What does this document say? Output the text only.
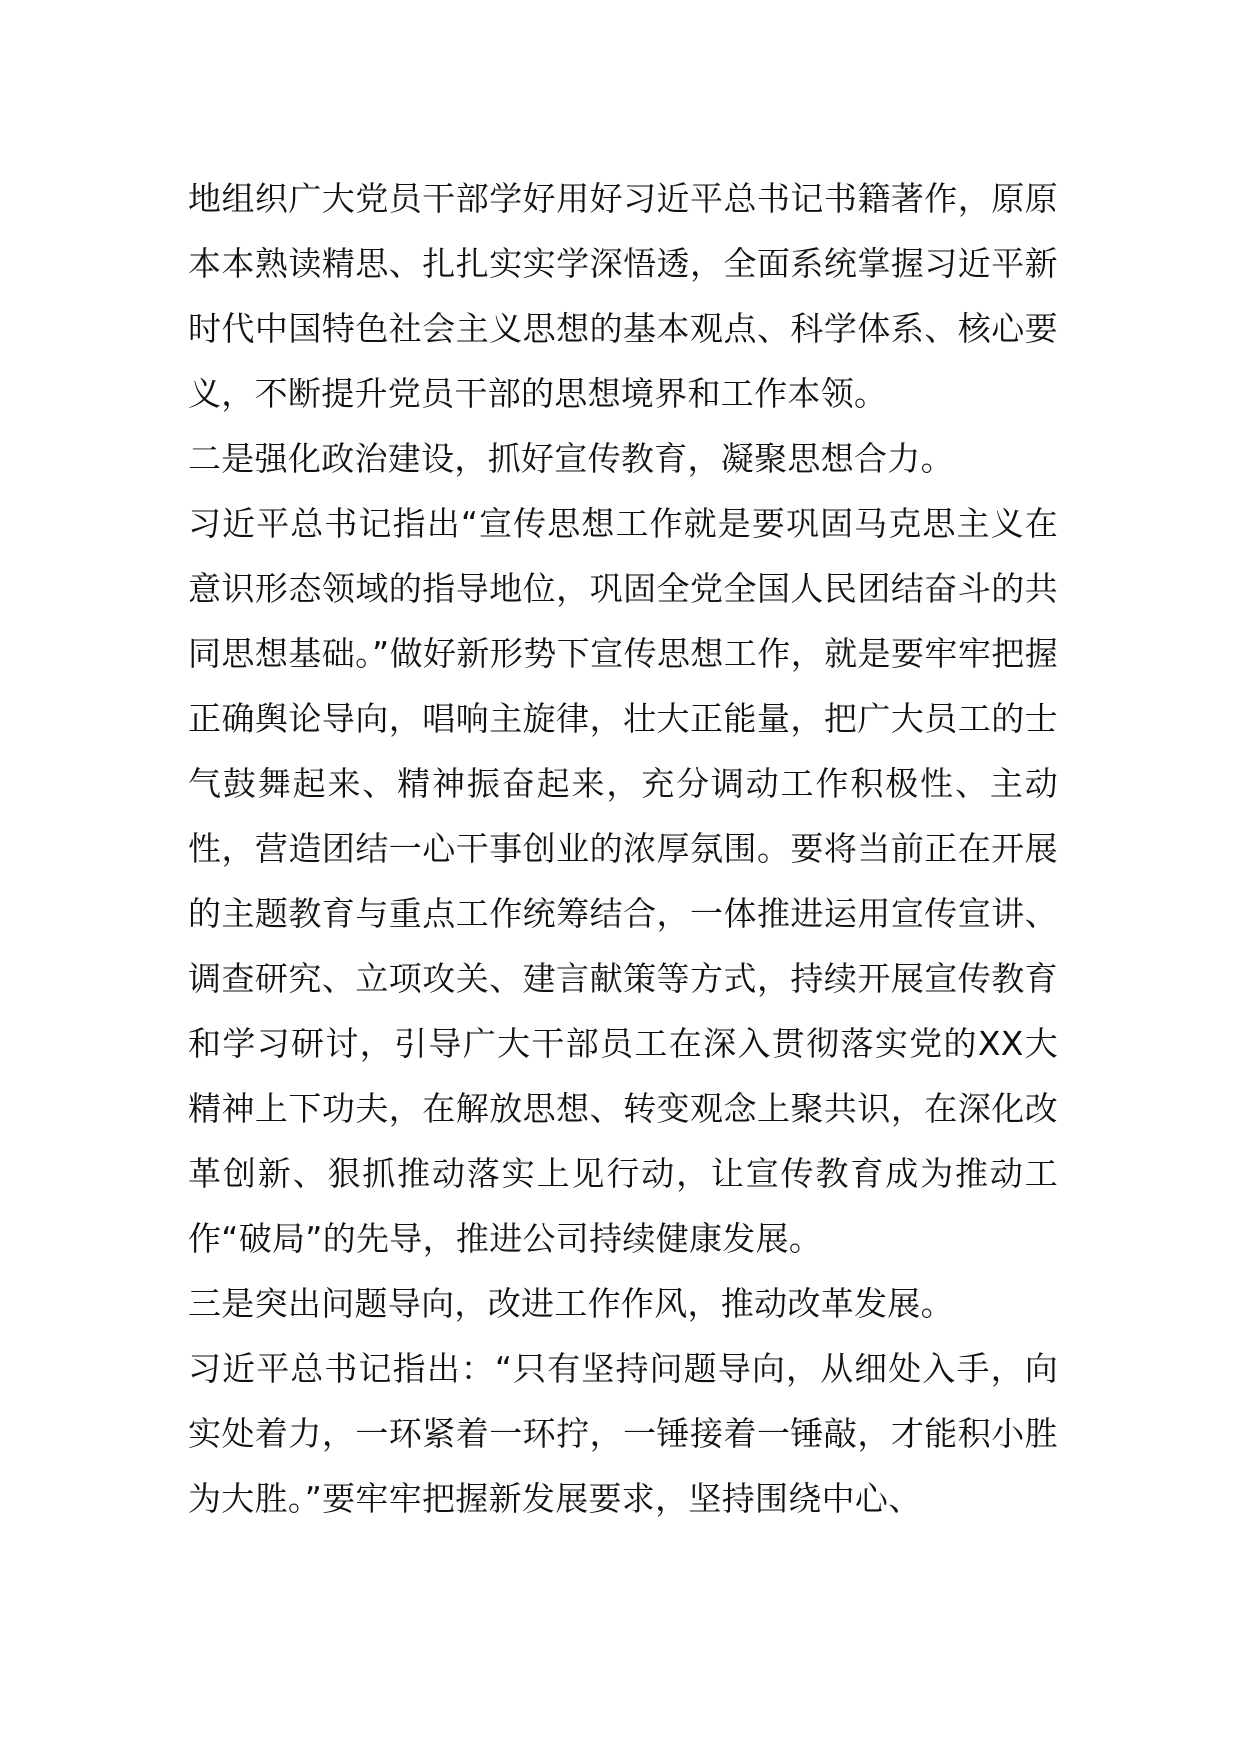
地组织广大党员干部学好用好习近平总书记书籍著作，原原本本熟读精思、扎扎实实学深悟透，全面系统掌握习近平新时代中国特色社会主义思想的基本观点、科学体系、核心要义，不断提升党员干部的思想境界和工作本领。

二是强化政治建设，抓好宣传教育，凝聚思想合力。

习近平总书记指出“宣传思想工作就是要巩固马克思主义在意识形态领域的指导地位，巩固全党全国人民团结奋斗的共同思想基础。”做好新形势下宣传思想工作，就是要牢牢把握正确舆论导向，唱响主旋律，壮大正能量，把广大员工的士气鼓舞起来、精神振奋起来，充分调动工作积极性、主动性，营造团结一心干事创业的浓厚氛围。要将当前正在开展的主题教育与重点工作统筹结合，一体推进运用宣传宣讲、调查研究、立项攻关、建言献策等方式，持续开展宣传教育和学习研讨，引导广大干部员工在深入贯彻落实党的XX大精神上下功夫，在解放思想、转变观念上聚共识，在深化改革创新、狠抓推动落实上见行动，让宣传教育成为推动工作“破局”的先导，推进公司持续健康发展。

三是突出问题导向，改进工作作风，推动改革发展。

习近平总书记指出：“只有坚持问题导向，从细处入手，向实处着力，一环紧着一环拧，一锤接着一锤敲，才能积小胜为大胜。”要牢牢把握新发展要求，坚持围绕中心、
